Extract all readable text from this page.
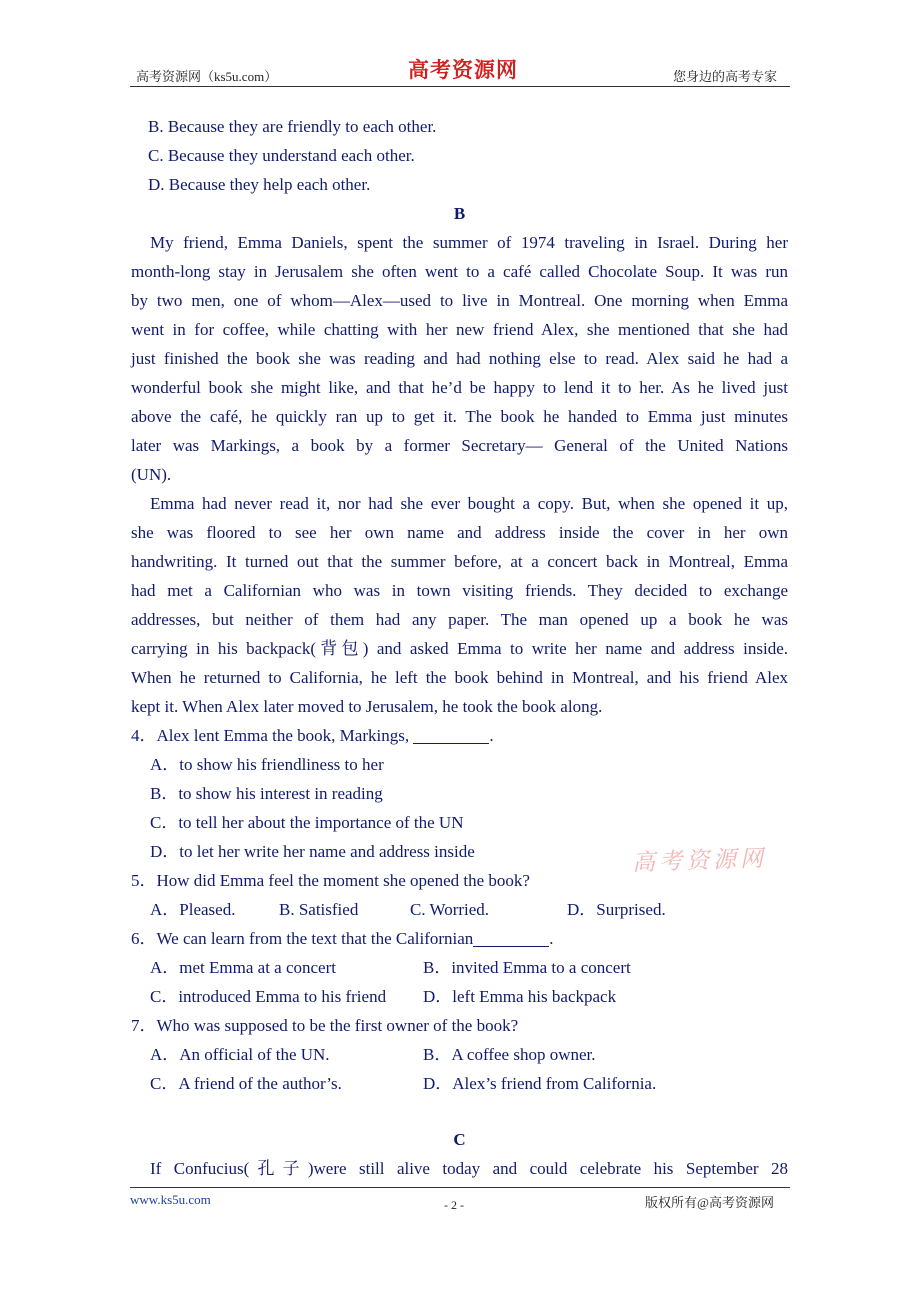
高考资源网（ks5u.com）	高考资源网	您身边的高考专家
B. Because they are friendly to each other.
C. Because they understand each other.
D. Because they help each other.
B
My friend, Emma Daniels, spent the summer of 1974 traveling in Israel. During her
month-long stay in Jerusalem she often went to a café called Chocolate Soup. It was run
by two men, one of whom—Alex—used to live in Montreal. One morning when Emma
went in for coffee, while chatting with her new friend Alex, she mentioned that she had
just finished the book she was reading and had nothing else to read. Alex said he had a
wonderful book she might like, and that he’d be happy to lend it to her. As he lived just
above the café, he quickly ran up to get it. The book he handed to Emma just minutes
later was Markings, a book by a former Secretary— General of the United Nations
(UN).
Emma had never read it, nor had she ever bought a copy. But, when she opened it up,
she was floored to see her own name and address inside the cover in her own
handwriting. It turned out that the summer before, at a concert back in Montreal, Emma
had met a Californian who was in town visiting friends. They decided to exchange
addresses, but neither of them had any paper. The man opened up a book he was
carrying in his backpack(背包) and asked Emma to write her name and address inside.
When he returned to California, he left the book behind in Montreal, and his friend Alex
kept it. When Alex later moved to Jerusalem, he took the book along.
4．Alex lent Emma the book, Markings,	.
A．to show his friendliness to her
B．to show his interest in reading
C．to tell her about the importance of the UN
D．to let her write her name and address inside	高考资源网
5．How did Emma feel the moment she opened the book?
A．Pleased.	B. Satisfied	C. Worried.	D．Surprised.
6．We can learn from the text that the Californian	.
A．met Emma at a concert	B．invited Emma to a concert
C．introduced Emma to his friend D．left Emma his backpack
7．Who was supposed to be the first owner of the book?
A．An official of the UN.	B．A coffee shop owner.
C．A friend of the author’s.	D．Alex’s friend from California.
C
If Confucius(孔子)were still alive today and could celebrate his September 28
www.ks5u.com	- 2 -	版权所有@高考资源网
